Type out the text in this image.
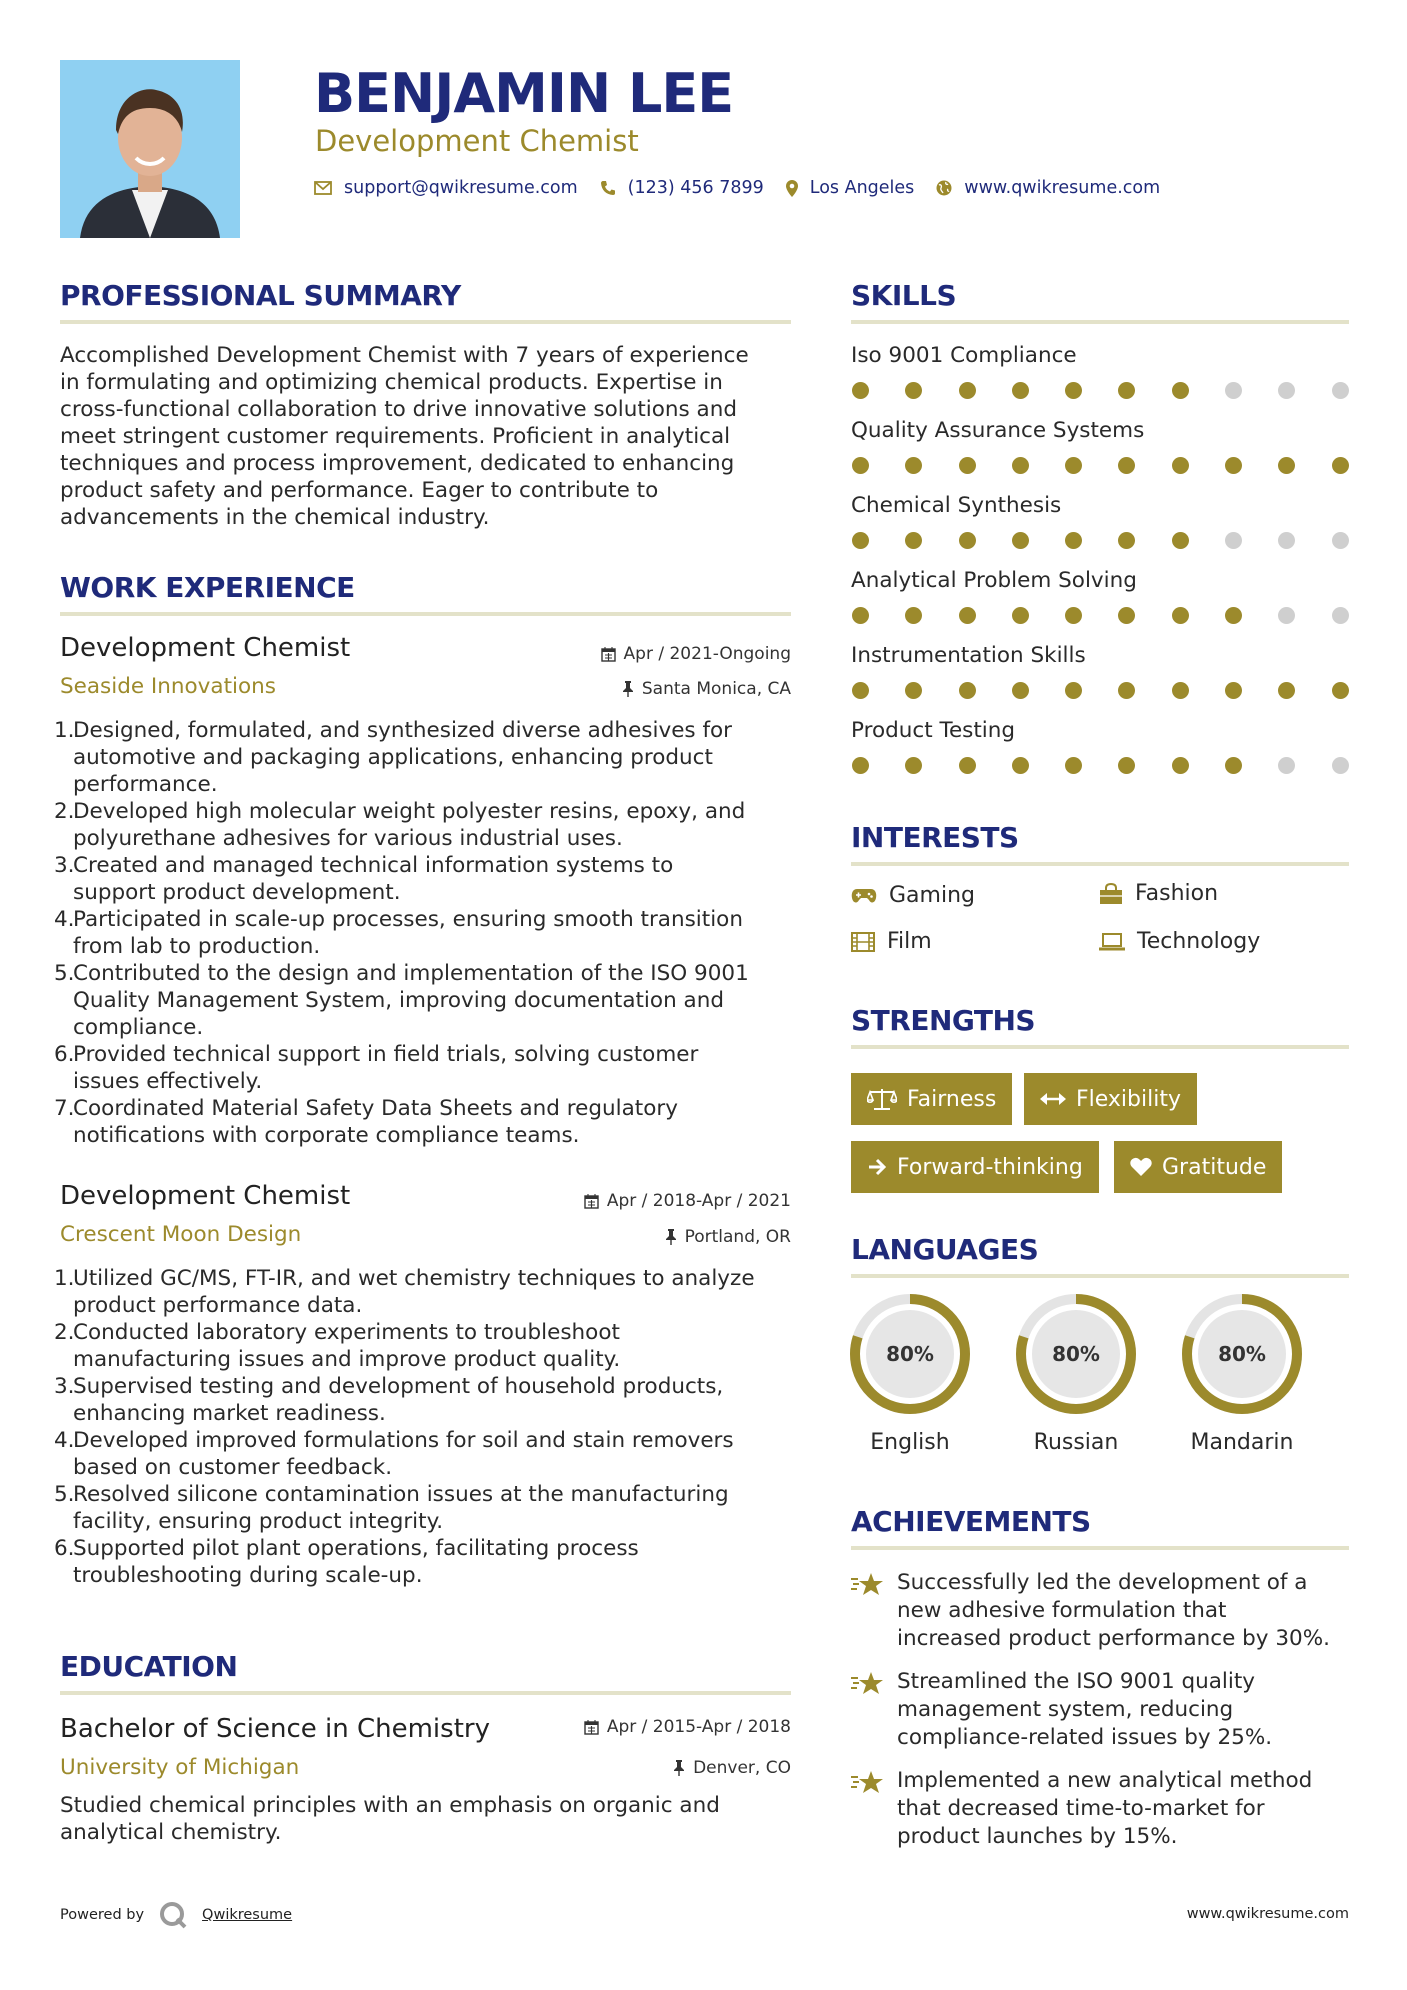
BENJAMIN LEE
Development Chemist
support@qwikresume.com	(123) 456 7899	Los Angeles	www.qwikresume.com
PROFESSIONAL SUMMARY
Accomplished Development Chemist with 7 years of experience
in formulating and optimizing chemical products. Expertise in
cross-functional collaboration to drive innovative solutions and
meet stringent customer requirements. Proficient in analytical
techniques and process improvement, dedicated to enhancing
product safety and performance. Eager to contribute to
advancements in the chemical industry.
WORK EXPERIENCE
Development Chemist
Seaside Innovations
Apr / 2021-Ongoing
Santa Monica, CA
1.
Designed, formulated, and synthesized diverse adhesives for
automotive and packaging applications, enhancing product
performance.
2.
Developed high molecular weight polyester resins, epoxy, and
polyurethane adhesives for various industrial uses.
3.
Created and managed technical information systems to
support product development.
4.
Participated in scale-up processes, ensuring smooth transition
from lab to production.
5.
Contributed to the design and implementation of the ISO 9001
Quality Management System, improving documentation and
compliance.
6.
Provided technical support in field trials, solving customer
issues effectively.
7.
Coordinated Material Safety Data Sheets and regulatory
notifications with corporate compliance teams.
Development Chemist
Crescent Moon Design
Apr / 2018-Apr / 2021
Portland, OR
1.
Utilized GC/MS, FT-IR, and wet chemistry techniques to analyze
product performance data.
2.
Conducted laboratory experiments to troubleshoot
manufacturing issues and improve product quality.
3.
Supervised testing and development of household products,
enhancing market readiness.
4.
Developed improved formulations for soil and stain removers
based on customer feedback.
5.
Resolved silicone contamination issues at the manufacturing
facility, ensuring product integrity.
6.
Supported pilot plant operations, facilitating process
troubleshooting during scale-up.
EDUCATION
Bachelor of Science in Chemistry
University of Michigan
Apr / 2015-Apr / 2018
Denver, CO
Studied chemical principles with an emphasis on organic and
analytical chemistry.
SKILLS
Iso 9001 Compliance
Quality Assurance Systems
Chemical Synthesis
Analytical Problem Solving
Instrumentation Skills
Product Testing
INTERESTS
Gaming	Fashion
Film	Technology
STRENGTHS
Fairness	Flexibility
Forward-thinking	Gratitude
LANGUAGES
80%
English
80%
Russian
80%
Mandarin
ACHIEVEMENTS
Successfully led the development of a
new adhesive formulation that
increased product performance by 30%.
Streamlined the ISO 9001 quality
management system, reducing
compliance-related issues by 25%.
Implemented a new analytical method
that decreased time-to-market for
product launches by 15%.
Powered by	Qwikresume	www.qwikresume.com
